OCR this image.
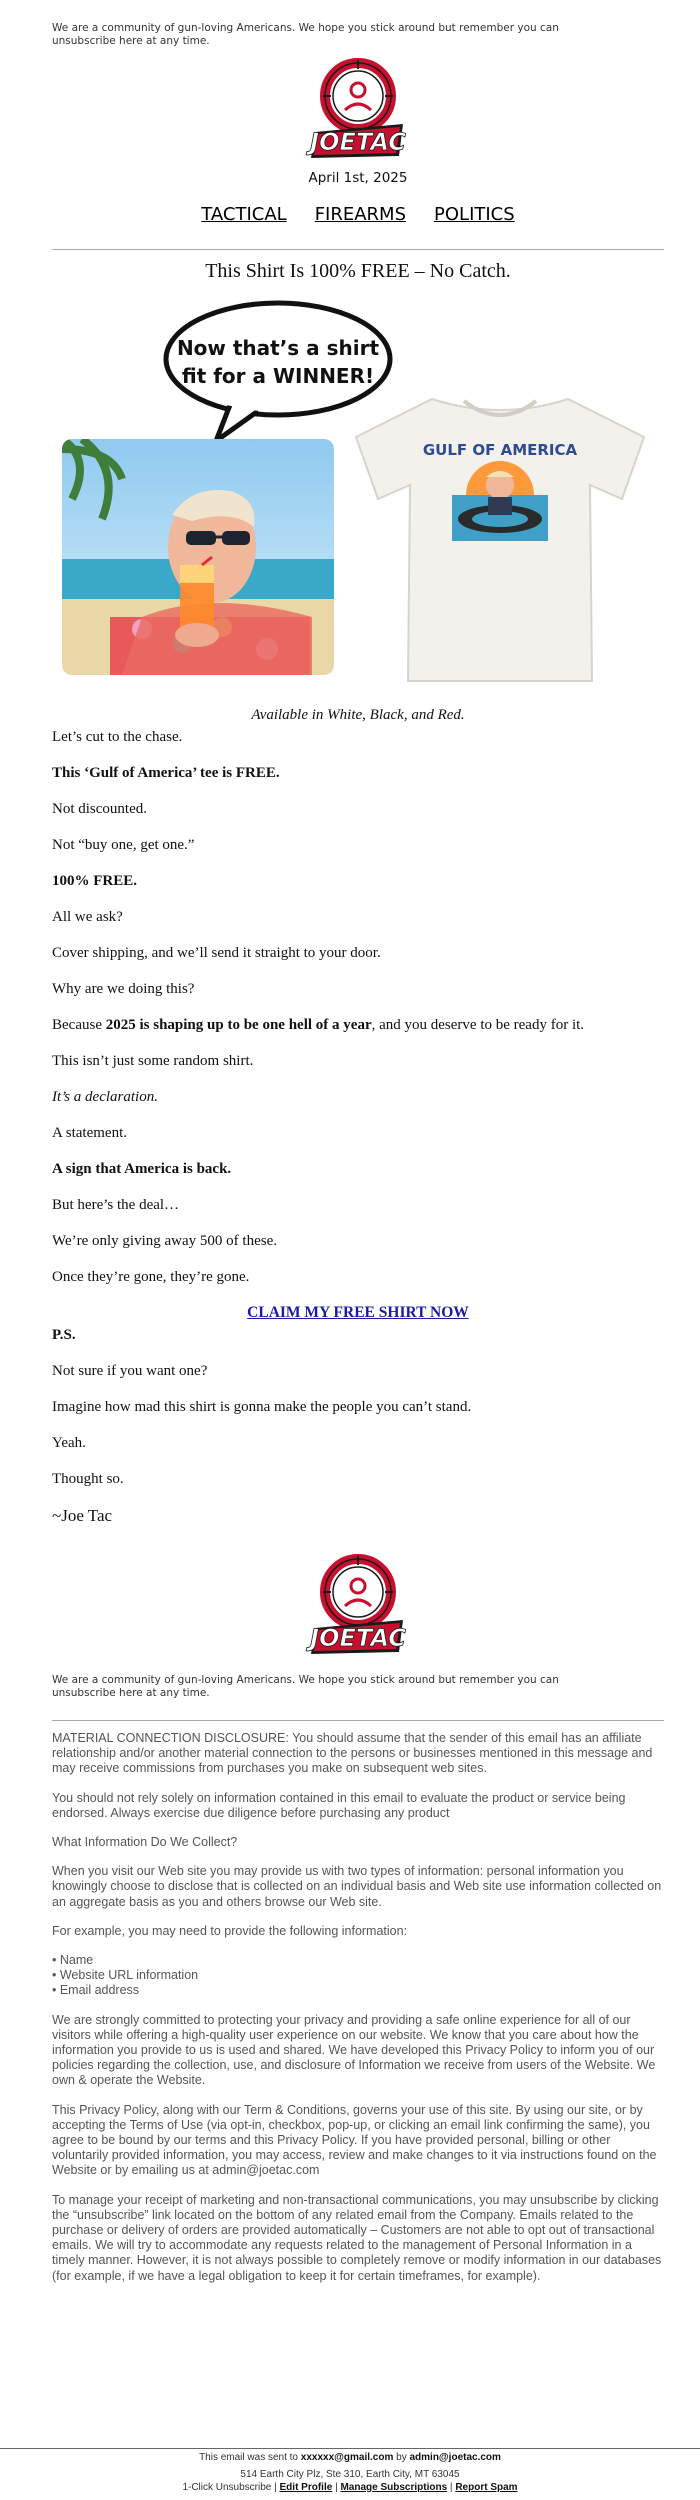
We are a community of gun-loving Americans. We hope you stick around but remember you can unsubscribe here at any time.
JOETAC
April 1st, 2025
TACTICAL FIREARMS POLITICS
This Shirt Is 100% FREE – No Catch.
Now that’s a shirt
fit for a WINNER!
GULF OF AMERICA
Available in White, Black, and Red.

Let’s cut to the chase.

This ‘Gulf of America’ tee is FREE.

Not discounted.

Not “buy one, get one.”

100% FREE.

All we ask?

Cover shipping, and we’ll send it straight to your door.

Why are we doing this?

Because 2025 is shaping up to be one hell of a year, and you deserve to be ready for it.

This isn’t just some random shirt.

It’s a declaration.

A statement.

A sign that America is back.

But here’s the deal…

We’re only giving away 500 of these.

Once they’re gone, they’re gone.

CLAIM MY FREE SHIRT NOW

P.S.

Not sure if you want one?

Imagine how mad this shirt is gonna make the people you can’t stand.

Yeah.

Thought so.

~Joe Tac
JOETAC
We are a community of gun-loving Americans. We hope you stick around but remember you can unsubscribe here at any time.

MATERIAL CONNECTION DISCLOSURE: You should assume that the sender of this email has an affiliate relationship and/or another material connection to the persons or businesses mentioned in this message and may receive commissions from purchases you make on subsequent web sites.

You should not rely solely on information contained in this email to evaluate the product or service being endorsed. Always exercise due diligence before purchasing any product

What Information Do We Collect?

When you visit our Web site you may provide us with two types of information: personal information you knowingly choose to disclose that is collected on an individual basis and Web site use information collected on an aggregate basis as you and others browse our Web site.

For example, you may need to provide the following information:

• Name
• Website URL information
• Email address

We are strongly committed to protecting your privacy and providing a safe online experience for all of our visitors while offering a high-quality user experience on our website. We know that you care about how the information you provide to us is used and shared. We have developed this Privacy Policy to inform you of our policies regarding the collection, use, and disclosure of Information we receive from users of the Website. We own & operate the Website.

This Privacy Policy, along with our Term & Conditions, governs your use of this site. By using our site, or by accepting the Terms of Use (via opt-in, checkbox, pop-up, or clicking an email link confirming the same), you agree to be bound by our terms and this Privacy Policy. If you have provided personal, billing or other voluntarily provided information, you may access, review and make changes to it via instructions found on the Website or by emailing us at admin@joetac.com

To manage your receipt of marketing and non-transactional communications, you may unsubscribe by clicking the “unsubscribe” link located on the bottom of any related email from the Company. Emails related to the purchase or delivery of orders are provided automatically – Customers are not able to opt out of transactional emails. We will try to accommodate any requests related to the management of Personal Information in a timely manner. However, it is not always possible to completely remove or modify information in our databases (for example, if we have a legal obligation to keep it for certain timeframes, for example).

This email was sent to xxxxxx@gmail.com by admin@joetac.com
514 Earth City Plz, Ste 310, Earth City, MT 63045
1-Click Unsubscribe | Edit Profile | Manage Subscriptions | Report Spam
